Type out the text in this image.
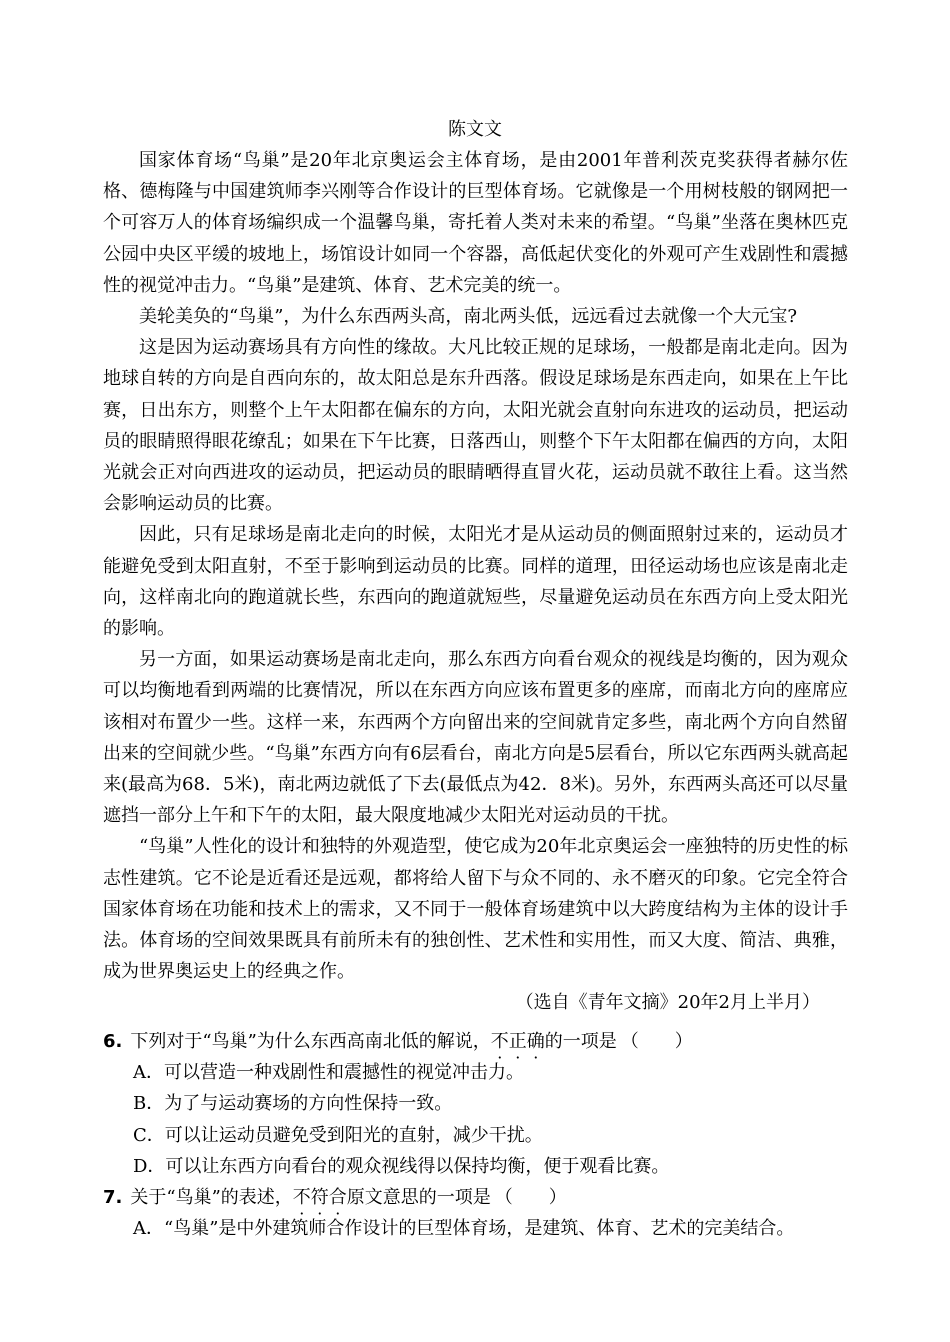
陈文文

国家体育场“鸟巢”是20年北京奥运会主体育场，是由2001年普利茨克奖获得者赫尔佐格、德梅隆与中国建筑师李兴刚等合作设计的巨型体育场。它就像是一个用树枝般的钢网把一个可容万人的体育场编织成一个温馨鸟巢，寄托着人类对未来的希望。“鸟巢”坐落在奥林匹克公园中央区平缓的坡地上，场馆设计如同一个容器，高低起伏变化的外观可产生戏剧性和震撼性的视觉冲击力。“鸟巢”是建筑、体育、艺术完美的统一。

美轮美奂的“鸟巢”，为什么东西两头高，南北两头低，远远看过去就像一个大元宝?

这是因为运动赛场具有方向性的缘故。大凡比较正规的足球场，一般都是南北走向。因为地球自转的方向是自西向东的，故太阳总是东升西落。假设足球场是东西走向，如果在上午比赛，日出东方，则整个上午太阳都在偏东的方向，太阳光就会直射向东进攻的运动员，把运动员的眼睛照得眼花缭乱；如果在下午比赛，日落西山，则整个下午太阳都在偏西的方向，太阳光就会正对向西进攻的运动员，把运动员的眼睛晒得直冒火花，运动员就不敢往上看。这当然会影响运动员的比赛。

因此，只有足球场是南北走向的时候，太阳光才是从运动员的侧面照射过来的，运动员才能避免受到太阳直射，不至于影响到运动员的比赛。同样的道理，田径运动场也应该是南北走向，这样南北向的跑道就长些，东西向的跑道就短些，尽量避免运动员在东西方向上受太阳光的影响。

另一方面，如果运动赛场是南北走向，那么东西方向看台观众的视线是均衡的，因为观众可以均衡地看到两端的比赛情况，所以在东西方向应该布置更多的座席，而南北方向的座席应该相对布置少一些。这样一来，东西两个方向留出来的空间就肯定多些，南北两个方向自然留出来的空间就少些。“鸟巢”东西方向有6层看台，南北方向是5层看台，所以它东西两头就高起来(最高为68．5米)，南北两边就低了下去(最低点为42．8米)。另外，东西两头高还可以尽量遮挡一部分上午和下午的太阳，最大限度地减少太阳光对运动员的干扰。

“鸟巢”人性化的设计和独特的外观造型，使它成为20年北京奥运会一座独特的历史性的标志性建筑。它不论是近看还是远观，都将给人留下与众不同的、永不磨灭的印象。它完全符合国家体育场在功能和技术上的需求，又不同于一般体育场建筑中以大跨度结构为主体的设计手法。体育场的空间效果既具有前所未有的独创性、艺术性和实用性，而又大度、简洁、典雅，成为世界奥运史上的经典之作。

（选自《青年文摘》20年2月上半月）
6. 下列对于“鸟巢”为什么东西高南北低的解说，不正确的一项是 （　　）
A．可以营造一种戏剧性和震撼性的视觉冲击力。
B．为了与运动赛场的方向性保持一致。
C．可以让运动员避免受到阳光的直射，减少干扰。
D．可以让东西方向看台的观众视线得以保持均衡，便于观看比赛。
7. 关于“鸟巢”的表述，不符合原文意思的一项是 （　　）
A．“鸟巢”是中外建筑师合作设计的巨型体育场，是建筑、体育、艺术的完美结合。
